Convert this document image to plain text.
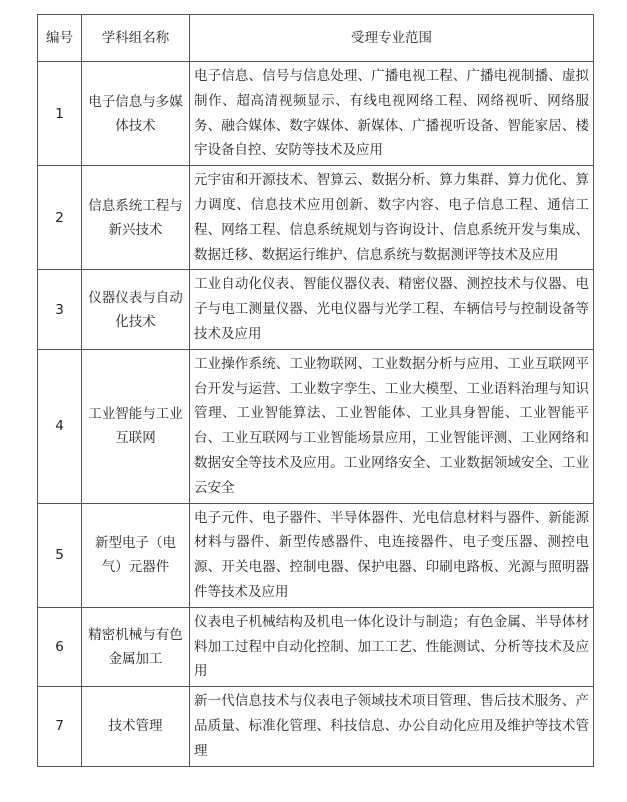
编号	学科组名称	受理专业范围
1	电子信息与多媒体技术	电子信息、信号与信息处理、广播电视工程、广播电视制播、虚拟制作、超高清视频显示、有线电视网络工程、网络视听、网络服务、融合媒体、数字媒体、新媒体、广播视听设备、智能家居、楼宇设备自控、安防等技术及应用
2	信息系统工程与新兴技术	元宇宙和开源技术、智算云、数据分析、算力集群、算力优化、算力调度、信息技术应用创新、数字内容、电子信息工程、通信工程、网络工程、信息系统规划与咨询设计、信息系统开发与集成、数据迁移、数据运行维护、信息系统与数据测评等技术及应用
3	仪器仪表与自动化技术	工业自动化仪表、智能仪器仪表、精密仪器、测控技术与仪器、电子与电工测量仪器、光电仪器与光学工程、车辆信号与控制设备等技术及应用
4	工业智能与工业互联网	工业操作系统、工业物联网、工业数据分析与应用、工业互联网平台开发与运营、工业数字孪生、工业大模型、工业语料治理与知识管理、工业智能算法、工业智能体、工业具身智能、工业智能平台、工业互联网与工业智能场景应用，工业智能评测、工业网络和数据安全等技术及应用。工业网络安全、工业数据领域安全、工业云安全
5	新型电子（电气）元器件	电子元件、电子器件、半导体器件、光电信息材料与器件、新能源材料与器件、新型传感器件、电连接器件、电子变压器、测控电源、开关电器、控制电器、保护电器、印刷电路板、光源与照明器件等技术及应用
6	精密机械与有色金属加工	仪表电子机械结构及机电一体化设计与制造；有色金属、半导体材料加工过程中自动化控制、加工工艺、性能测试、分析等技术及应用
7	技术管理	新一代信息技术与仪表电子领域技术项目管理、售后技术服务、产品质量、标准化管理、科技信息、办公自动化应用及维护等技术管理
